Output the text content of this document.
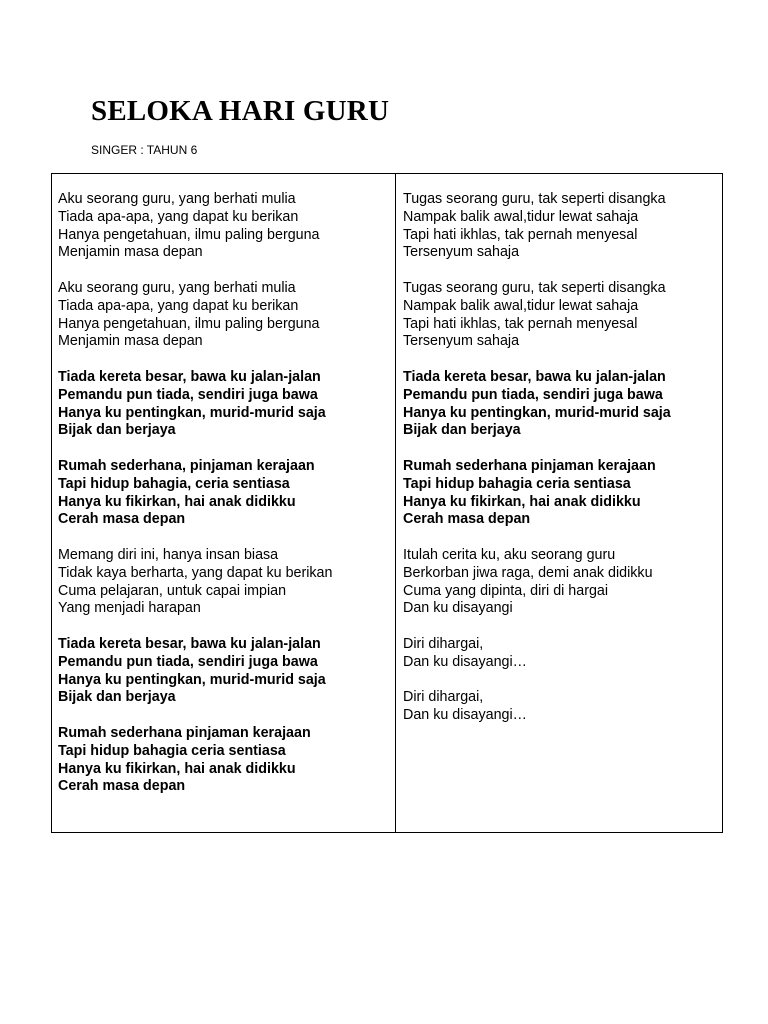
SELOKA HARI GURU
SINGER : TAHUN 6
Aku seorang guru, yang berhati mulia
Tiada apa-apa, yang dapat ku berikan
Hanya pengetahuan, ilmu paling berguna
Menjamin masa depan
Aku seorang guru, yang berhati mulia
Tiada apa-apa, yang dapat ku berikan
Hanya pengetahuan, ilmu paling berguna
Menjamin masa depan
Tiada kereta besar, bawa ku jalan-jalan
Pemandu pun tiada, sendiri juga bawa
Hanya ku pentingkan, murid-murid saja
Bijak dan berjaya
Rumah sederhana, pinjaman kerajaan
Tapi hidup bahagia, ceria sentiasa
Hanya ku fikirkan, hai anak didikku
Cerah masa depan
Memang diri ini, hanya insan biasa
Tidak kaya berharta, yang dapat ku berikan
Cuma pelajaran, untuk capai impian
Yang menjadi harapan
Tiada kereta besar, bawa ku jalan-jalan
Pemandu pun tiada, sendiri juga bawa
Hanya ku pentingkan, murid-murid saja
Bijak dan berjaya
Rumah sederhana pinjaman kerajaan
Tapi hidup bahagia ceria sentiasa
Hanya ku fikirkan, hai anak didikku
Cerah masa depan
Tugas seorang guru, tak seperti disangka
Nampak balik awal,tidur lewat sahaja
Tapi hati ikhlas, tak pernah menyesal
Tersenyum sahaja
Tugas seorang guru, tak seperti disangka
Nampak balik awal,tidur lewat sahaja
Tapi hati ikhlas, tak pernah menyesal
Tersenyum sahaja
Tiada kereta besar, bawa ku jalan-jalan
Pemandu pun tiada, sendiri juga bawa
Hanya ku pentingkan, murid-murid saja
Bijak dan berjaya
Rumah sederhana pinjaman kerajaan
Tapi hidup bahagia ceria sentiasa
Hanya ku fikirkan, hai anak didikku
Cerah masa depan
Itulah cerita ku, aku seorang guru
Berkorban jiwa raga, demi anak didikku
Cuma yang dipinta, diri di hargai
Dan ku disayangi
Diri dihargai,
Dan ku disayangi…
Diri dihargai,
Dan ku disayangi…
